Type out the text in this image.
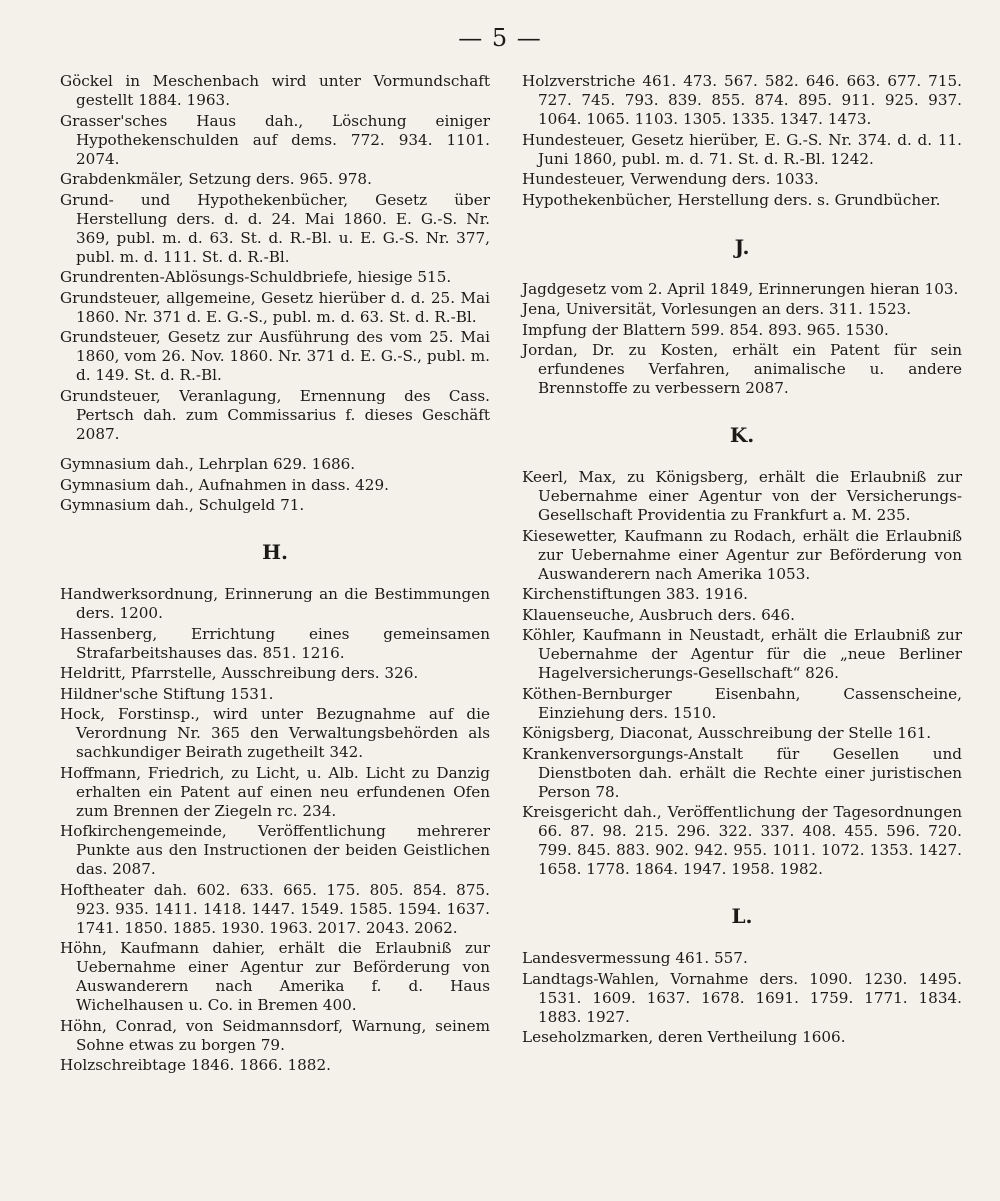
— 5 —

Göckel in Meschenbach wird unter Vormundschaft gestellt 1884. 1963.

Grasser'sches Haus dah., Löschung einiger Hypothekenschulden auf dems. 772. 934. 1101. 2074.

Grabdenkmäler, Setzung ders. 965. 978.

Grund- und Hypothekenbücher, Gesetz über Herstellung ders. d. d. 24. Mai 1860. E. G.-S. Nr. 369, publ. m. d. 63. St. d. R.-Bl. u. E. G.-S. Nr. 377, publ. m. d. 111. St. d. R.-Bl.

Grundrenten-Ablösungs-Schuldbriefe, hiesige 515.

Grundsteuer, allgemeine, Gesetz hierüber d. d. 25. Mai 1860. Nr. 371 d. E. G.-S., publ. m. d. 63. St. d. R.-Bl.

Grundsteuer, Gesetz zur Ausführung des vom 25. Mai 1860, vom 26. Nov. 1860. Nr. 371 d. E. G.-S., publ. m. d. 149. St. d. R.-Bl.

Grundsteuer, Veranlagung, Ernennung des Cass. Pertsch dah. zum Commissarius f. dieses Geschäft 2087.

Gymnasium dah., Lehrplan 629. 1686.

Gymnasium dah., Aufnahmen in dass. 429.

Gymnasium dah., Schulgeld 71.

H.

Handwerksordnung, Erinnerung an die Bestimmungen ders. 1200.

Hassenberg, Errichtung eines gemeinsamen Strafarbeitshauses das. 851. 1216.

Heldritt, Pfarrstelle, Ausschreibung ders. 326.

Hildner'sche Stiftung 1531.

Hock, Forstinsp., wird unter Bezugnahme auf die Verordnung Nr. 365 den Verwaltungsbehörden als sachkundiger Beirath zugetheilt 342.

Hoffmann, Friedrich, zu Licht, u. Alb. Licht zu Danzig erhalten ein Patent auf einen neu erfundenen Ofen zum Brennen der Ziegeln rc. 234.

Hofkirchengemeinde, Veröffentlichung mehrerer Punkte aus den Instructionen der beiden Geistlichen das. 2087.

Hoftheater dah. 602. 633. 665. 175. 805. 854. 875. 923. 935. 1411. 1418. 1447. 1549. 1585. 1594. 1637. 1741. 1850. 1885. 1930. 1963. 2017. 2043. 2062.

Höhn, Kaufmann dahier, erhält die Erlaubniß zur Uebernahme einer Agentur zur Beförderung von Auswanderern nach Amerika f. d. Haus Wichelhausen u. Co. in Bremen 400.

Höhn, Conrad, von Seidmannsdorf, Warnung, seinem Sohne etwas zu borgen 79.

Holzschreibtage 1846. 1866. 1882.

Holzverstriche 461. 473. 567. 582. 646. 663. 677. 715. 727. 745. 793. 839. 855. 874. 895. 911. 925. 937. 1064. 1065. 1103. 1305. 1335. 1347. 1473.

Hundesteuer, Gesetz hierüber, E. G.-S. Nr. 374. d. d. 11. Juni 1860, publ. m. d. 71. St. d. R.-Bl. 1242.

Hundesteuer, Verwendung ders. 1033.

Hypothekenbücher, Herstellung ders. s. Grundbücher.

J.

Jagdgesetz vom 2. April 1849, Erinnerungen hieran 103.

Jena, Universität, Vorlesungen an ders. 311. 1523.

Impfung der Blattern 599. 854. 893. 965. 1530.

Jordan, Dr. zu Kosten, erhält ein Patent für sein erfundenes Verfahren, animalische u. andere Brennstoffe zu verbessern 2087.

K.

Keerl, Max, zu Königsberg, erhält die Erlaubniß zur Uebernahme einer Agentur von der Versicherungs-Gesellschaft Providentia zu Frankfurt a. M. 235.

Kiesewetter, Kaufmann zu Rodach, erhält die Erlaubniß zur Uebernahme einer Agentur zur Beförderung von Auswanderern nach Amerika 1053.

Kirchenstiftungen 383. 1916.

Klauenseuche, Ausbruch ders. 646.

Köhler, Kaufmann in Neustadt, erhält die Erlaubniß zur Uebernahme der Agentur für die „neue Berliner Hagelversicherungs-Gesellschaft“ 826.

Köthen-Bernburger Eisenbahn, Cassenscheine, Einziehung ders. 1510.

Königsberg, Diaconat, Ausschreibung der Stelle 161.

Krankenversorgungs-Anstalt für Gesellen und Dienstboten dah. erhält die Rechte einer juristischen Person 78.

Kreisgericht dah., Veröffentlichung der Tagesordnungen 66. 87. 98. 215. 296. 322. 337. 408. 455. 596. 720. 799. 845. 883. 902. 942. 955. 1011. 1072. 1353. 1427. 1658. 1778. 1864. 1947. 1958. 1982.

L.

Landesvermessung 461. 557.

Landtags-Wahlen, Vornahme ders. 1090. 1230. 1495. 1531. 1609. 1637. 1678. 1691. 1759. 1771. 1834. 1883. 1927.

Leseholzmarken, deren Vertheilung 1606.
